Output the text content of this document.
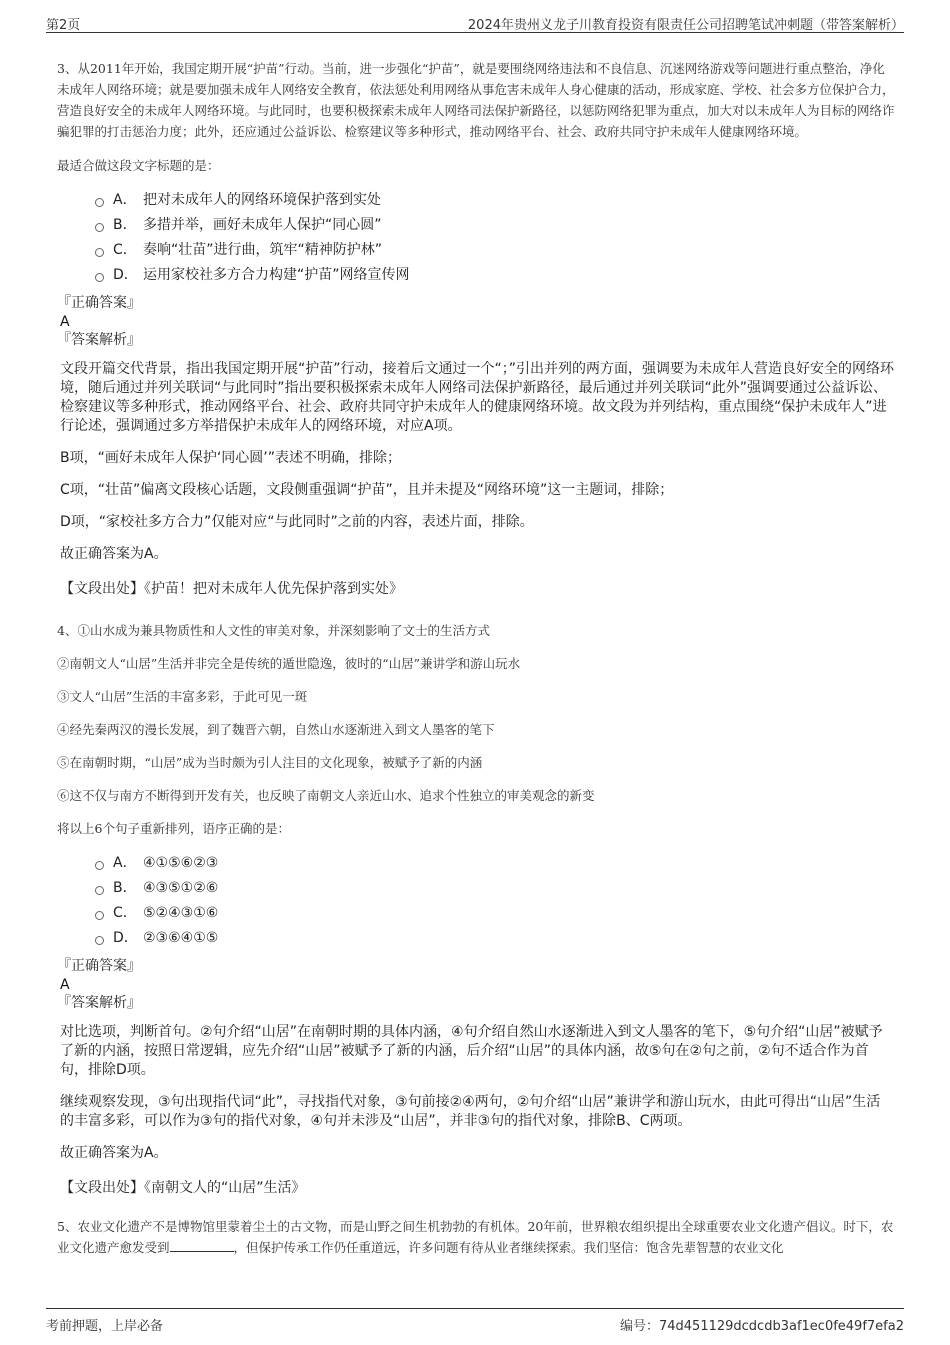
第2页	2024年贵州义龙子川教育投资有限责任公司招聘笔试冲刺题（带答案解析）

3、从2011年开始，我国定期开展“护苗”行动。当前，进一步强化“护苗”，就是要围绕网络违法和不良信息、沉迷网络游戏等问题进行重点整治，净化未成年人网络环境；就是要加强未成年人网络安全教育，依法惩处利用网络从事危害未成年人身心健康的活动，形成家庭、学校、社会多方位保护合力，营造良好安全的未成年人网络环境。与此同时，也要积极探索未成年人网络司法保护新路径，以惩防网络犯罪为重点，加大对以未成年人为目标的网络诈骗犯罪的打击惩治力度；此外，还应通过公益诉讼、检察建议等多种形式，推动网络平台、社会、政府共同守护未成年人健康网络环境。

最适合做这段文字标题的是：

A． 把对未成年人的网络环境保护落到实处
B． 多措并举，画好未成年人保护“同心圆”
C． 奏响“壮苗”进行曲，筑牢“精神防护林”
D． 运用家校社多方合力构建“护苗”网络宣传网

『正确答案』

A

『答案解析』

文段开篇交代背景，指出我国定期开展“护苗”行动，接着后文通过一个“；”引出并列的两方面，强调要为未成年人营造良好安全的网络环境，随后通过并列关联词“与此同时”指出要积极探索未成年人网络司法保护新路径，最后通过并列关联词“此外”强调要通过公益诉讼、检察建议等多种形式，推动网络平台、社会、政府共同守护未成年人的健康网络环境。故文段为并列结构，重点围绕“保护未成年人”进行论述，强调通过多方举措保护未成年人的网络环境，对应A项。

B项，“画好未成年人保护‘同心圆’”表述不明确，排除；

C项，“壮苗”偏离文段核心话题，文段侧重强调“护苗”，且并未提及“网络环境”这一主题词，排除；

D项，“家校社多方合力”仅能对应“与此同时”之前的内容，表述片面，排除。

故正确答案为A。

【文段出处】《护苗！把对未成年人优先保护落到实处》

4、①山水成为兼具物质性和人文性的审美对象，并深刻影响了文士的生活方式

②南朝文人“山居”生活并非完全是传统的遁世隐逸，彼时的“山居”兼讲学和游山玩水

③文人“山居”生活的丰富多彩，于此可见一斑

④经先秦两汉的漫长发展，到了魏晋六朝，自然山水逐渐进入到文人墨客的笔下

⑤在南朝时期，“山居”成为当时颇为引人注目的文化现象，被赋予了新的内涵

⑥这不仅与南方不断得到开发有关，也反映了南朝文人亲近山水、追求个性独立的审美观念的新变

将以上6个句子重新排列，语序正确的是：

A． ④①⑤⑥②③
B． ④③⑤①②⑥
C． ⑤②④③①⑥
D． ②③⑥④①⑤

『正确答案』

A

『答案解析』

对比选项，判断首句。②句介绍“山居”在南朝时期的具体内涵，④句介绍自然山水逐渐进入到文人墨客的笔下，⑤句介绍“山居”被赋予了新的内涵，按照日常逻辑，应先介绍“山居”被赋予了新的内涵，后介绍“山居”的具体内涵，故⑤句在②句之前，②句不适合作为首句，排除D项。

继续观察发现，③句出现指代词“此”，寻找指代对象，③句前接②④两句，②句介绍“山居”兼讲学和游山玩水，由此可得出“山居”生活的丰富多彩，可以作为③句的指代对象，④句并未涉及“山居”，并非③句的指代对象，排除B、C两项。

故正确答案为A。

【文段出处】《南朝文人的“山居”生活》

5、农业文化遗产不是博物馆里蒙着尘土的古文物，而是山野之间生机勃勃的有机体。20年前，世界粮农组织提出全球重要农业文化遗产倡议。时下，农业文化遗产愈发受到	，但保护传承工作仍任重道远，许多问题有待从业者继续探索。我们坚信：饱含先辈智慧的农业文化

考前押题，上岸必备	编号：74d451129dcdcdb3af1ec0fe49f7efa2
